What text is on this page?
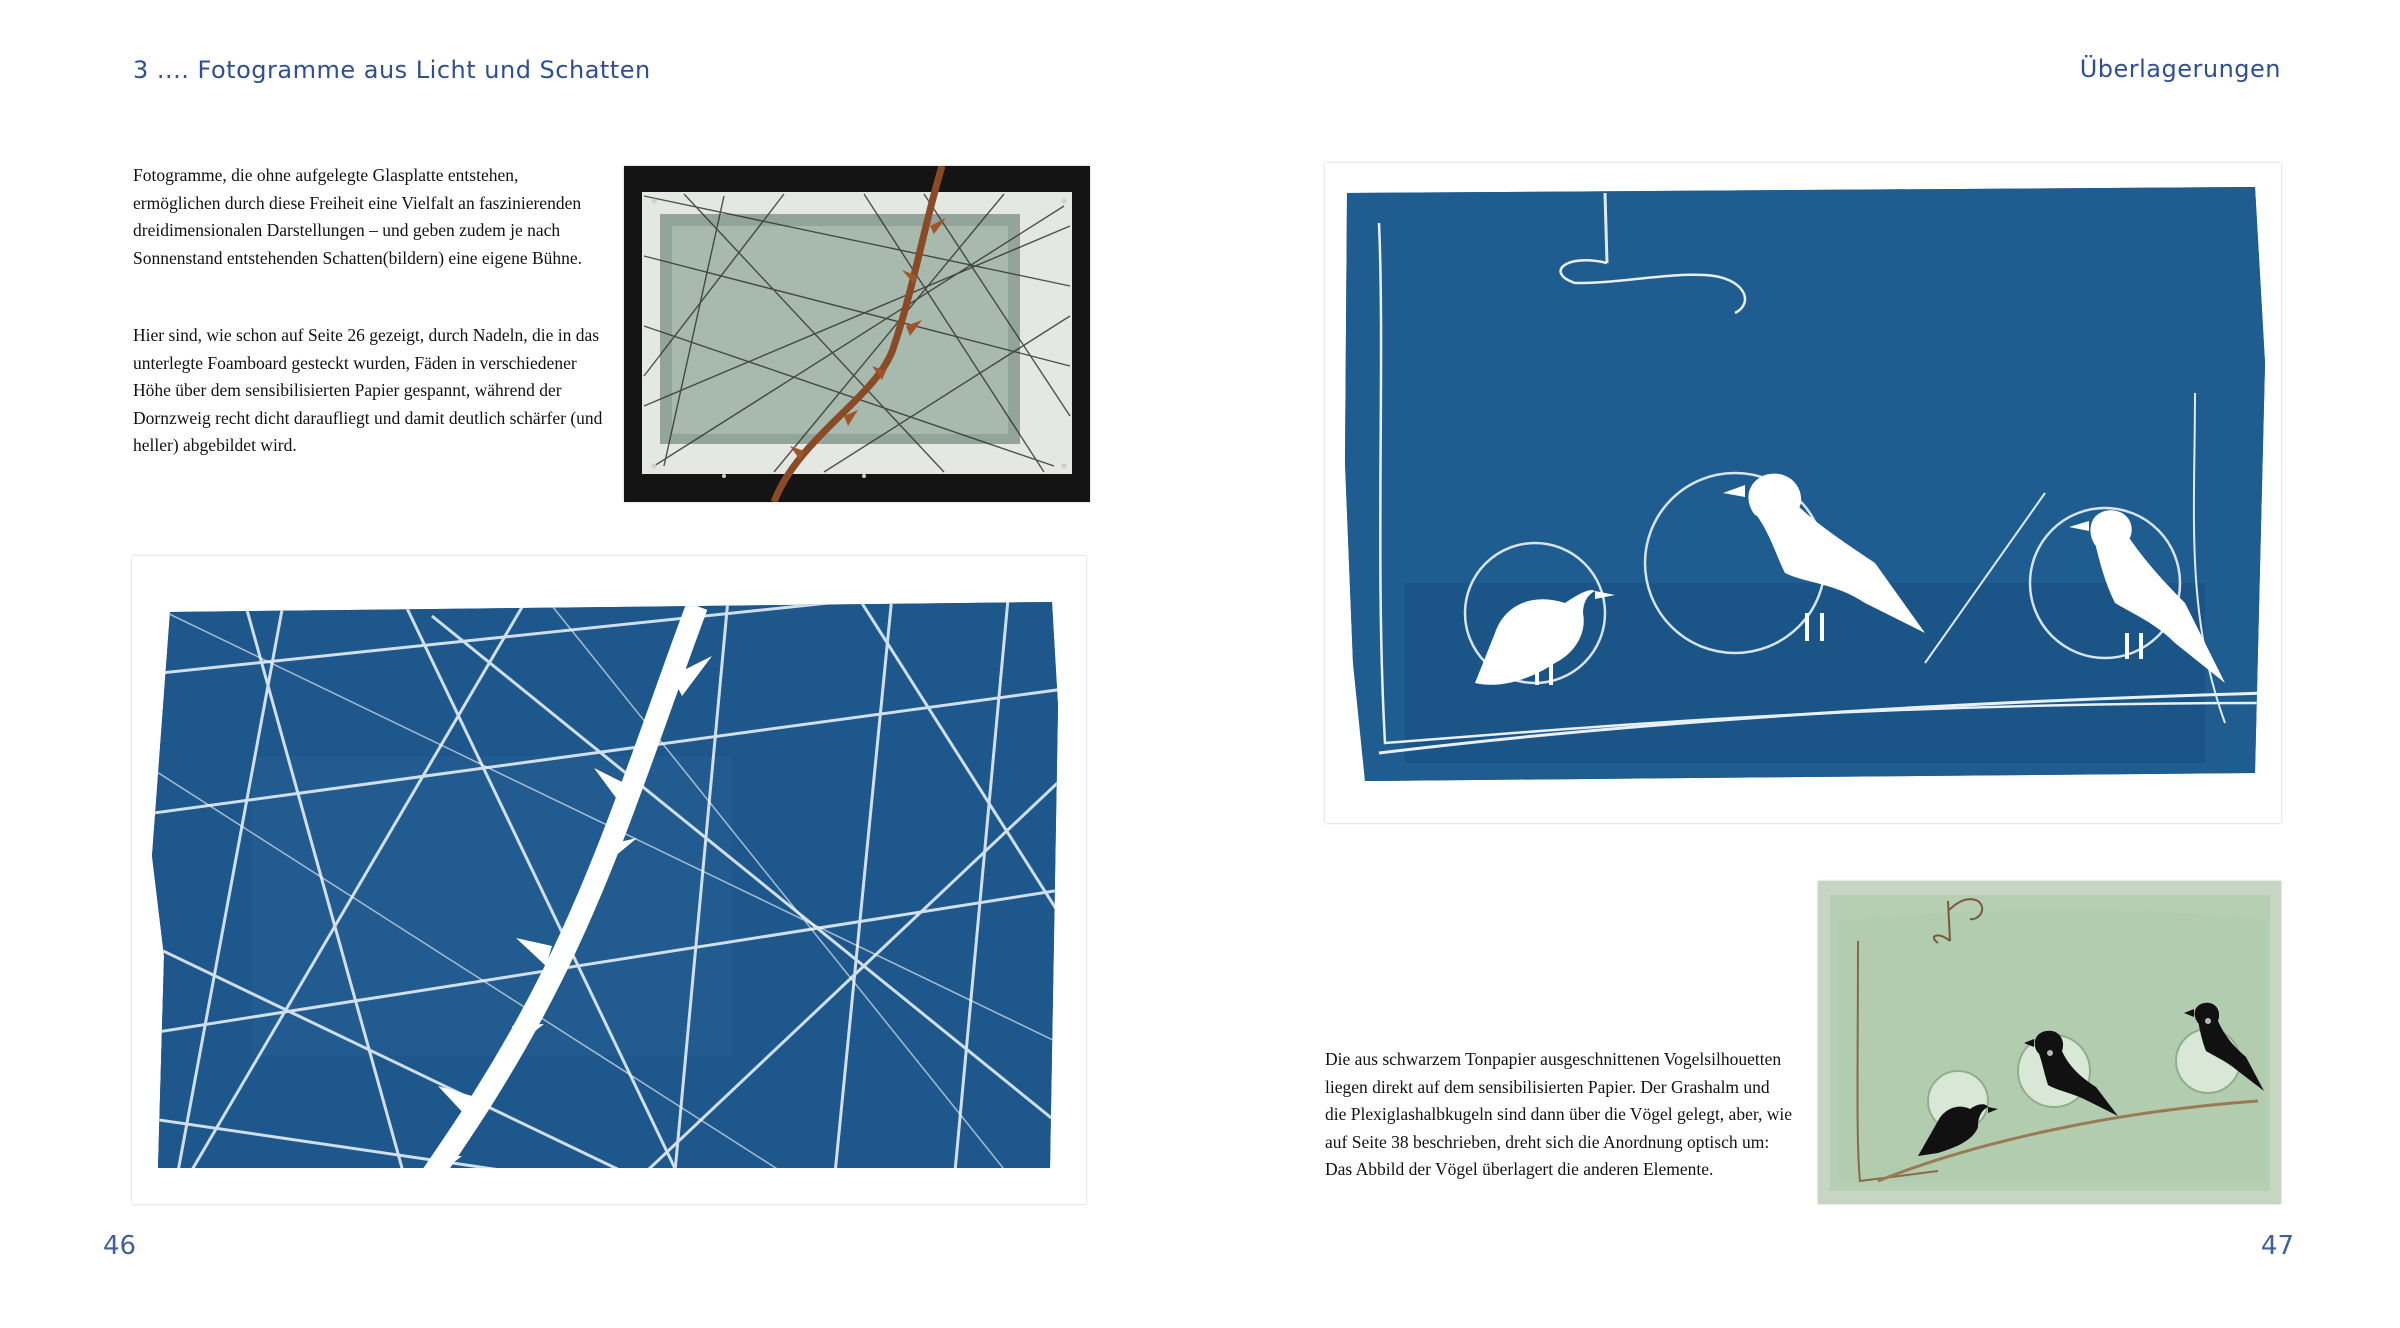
3 .... Fotogramme aus Licht und Schatten	Überlagerungen

Fotogramme, die ohne aufgelegte Glasplatte entstehen, ermöglichen durch diese Freiheit eine Vielfalt an faszinierenden dreidimensionalen Darstellungen – und geben zudem je nach Sonnenstand entstehenden Schatten(bildern) eine eigene Bühne.

Hier sind, wie schon auf Seite 26 gezeigt, durch Nadeln, die in das unterlegte Foamboard gesteckt wurden, Fäden in verschiedener Höhe über dem sensibilisierten Papier gespannt, während der Dornzweig recht dicht daraufliegt und damit deutlich schärfer (und heller) abgebildet wird.

Die aus schwarzem Tonpapier ausgeschnittenen Vogelsilhouetten liegen direkt auf dem sensibilisierten Papier. Der Grashalm und die Plexiglashalbkugeln sind dann über die Vögel gelegt, aber, wie auf Seite 38 beschrieben, dreht sich die Anordnung optisch um: Das Abbild der Vögel überlagert die anderen Elemente.

46	47
